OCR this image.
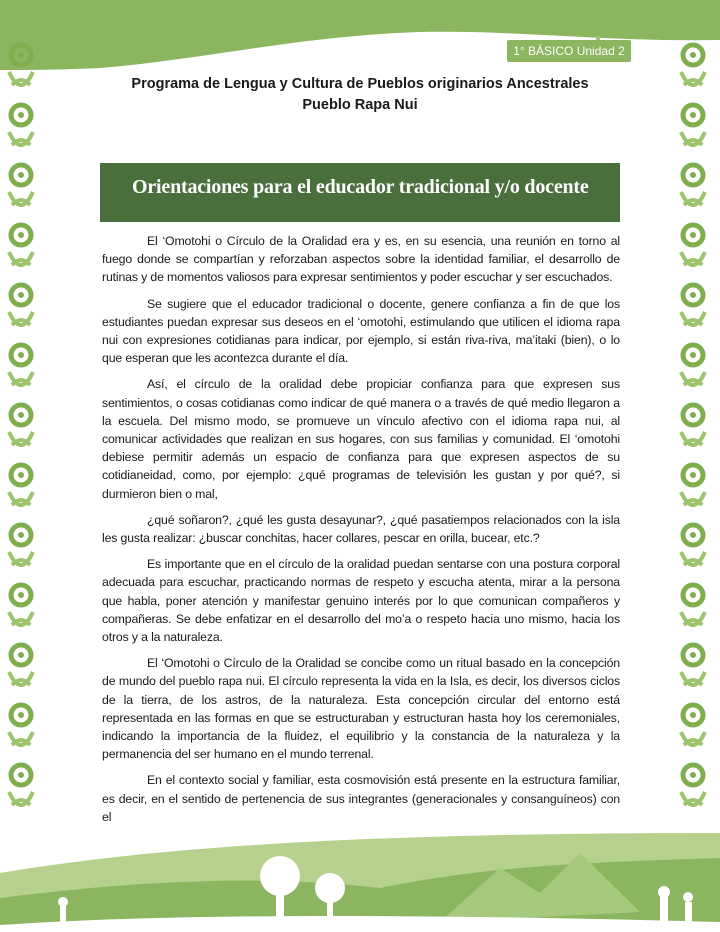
1° BÁSICO Unidad 2
Programa de Lengua y Cultura de Pueblos originarios Ancestrales
Pueblo Rapa Nui
Orientaciones para el educador tradicional y/o docente

El ‘Omotohi o Círculo de la Oralidad era y es, en su esencia, una reunión en torno al fuego donde se compartían y reforzaban aspectos sobre la identidad familiar, el desarrollo de rutinas y de momentos valiosos para expresar sentimientos y poder escuchar y ser escuchados.

Se sugiere que el educador tradicional o docente, genere confianza a fin de que los estudiantes puedan expresar sus deseos en el ‘omotohi, estimulando que utilicen el idioma rapa nui con expresiones cotidianas para indicar, por ejemplo, si están riva-riva, ma’itaki (bien), o lo que esperan que les acontezca durante el día.

Así, el círculo de la oralidad debe propiciar confianza para que expresen sus sentimientos, o cosas cotidianas como indicar de qué manera o a través de qué medio llegaron a la escuela. Del mismo modo, se promueve un vínculo afectivo con el idioma rapa nui, al comunicar actividades que realizan en sus hogares, con sus familias y comunidad. El ‘omotohi debiese permitir además un espacio de confianza para que expresen aspectos de su cotidianeidad, como, por ejemplo: ¿qué programas de televisión les gustan y por qué?, si durmieron bien o mal,

¿qué soñaron?, ¿qué les gusta desayunar?, ¿qué pasatiempos relacionados con la isla les gusta realizar: ¿buscar conchitas, hacer collares, pescar en orilla, bucear, etc.?

Es importante que en el círculo de la oralidad puedan sentarse con una postura corporal adecuada para escuchar, practicando normas de respeto y escucha atenta, mirar a la persona que habla, poner atención y manifestar genuino interés por lo que comunican compañeros y compañeras. Se debe enfatizar en el desarrollo del mo’a o respeto hacia uno mismo, hacia los otros y a la naturaleza.

El ‘Omotohi o Círculo de la Oralidad se concibe como un ritual basado en la concepción de mundo del pueblo rapa nui. El círculo representa la vida en la Isla, es decir, los diversos ciclos de la tierra, de los astros, de la naturaleza. Esta concepción circular del entorno está representada en las formas en que se estructuraban y estructuran hasta hoy los ceremoniales, indicando la importancia de la fluidez, el equilibrio y la constancia de la naturaleza y la permanencia del ser humano en el mundo terrenal.

En el contexto social y familiar, esta cosmovisión está presente en la estructura familiar, es decir, en el sentido de pertenencia de sus integrantes (generacionales y consanguíneos) con el
